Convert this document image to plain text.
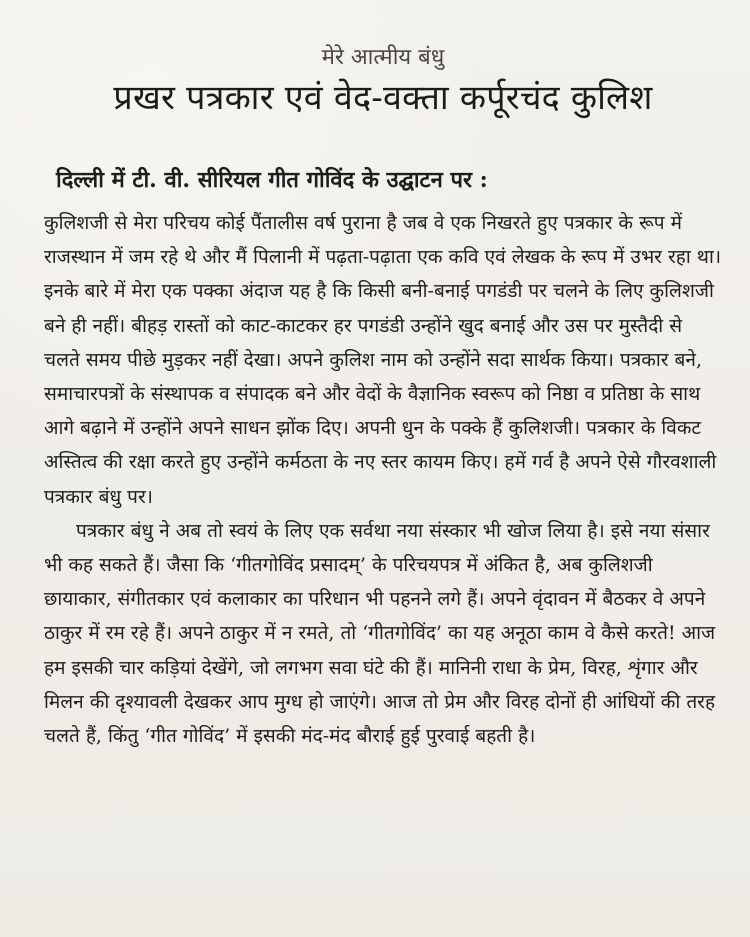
मेरे आत्मीय बंधु
प्रखर पत्रकार एवं वेद-वक्ता कर्पूरचंद कुलिश
दिल्ली में टी. वी. सीरियल गीत गोविंद के उद्घाटन पर :

कुलिशजी से मेरा परिचय कोई पैंतालीस वर्ष पुराना है जब वे एक निखरते हुए पत्रकार के रूप में राजस्थान में जम रहे थे और मैं पिलानी में पढ़ता-पढ़ाता एक कवि एवं लेखक के रूप में उभर रहा था। इनके बारे में मेरा एक पक्का अंदाज यह है कि किसी बनी-बनाई पगडंडी पर चलने के लिए कुलिशजी बने ही नहीं। बीहड़ रास्तों को काट-काटकर हर पगडंडी उन्होंने खुद बनाई और उस पर मुस्तैदी से चलते समय पीछे मुड़कर नहीं देखा। अपने कुलिश नाम को उन्होंने सदा सार्थक किया। पत्रकार बने, समाचारपत्रों के संस्थापक व संपादक बने और वेदों के वैज्ञानिक स्वरूप को निष्ठा व प्रतिष्ठा के साथ आगे बढ़ाने में उन्होंने अपने साधन झोंक दिए। अपनी धुन के पक्के हैं कुलिशजी। पत्रकार के विकट अस्तित्व की रक्षा करते हुए उन्होंने कर्मठता के नए स्तर कायम किए। हमें गर्व है अपने ऐसे गौरवशाली पत्रकार बंधु पर।

पत्रकार बंधु ने अब तो स्वयं के लिए एक सर्वथा नया संस्कार भी खोज लिया है। इसे नया संसार भी कह सकते हैं। जैसा कि ‘गीतगोविंद प्रसादम्’ के परिचयपत्र में अंकित है, अब कुलिशजी छायाकार, संगीतकार एवं कलाकार का परिधान भी पहनने लगे हैं। अपने वृंदावन में बैठकर वे अपने ठाकुर में रम रहे हैं। अपने ठाकुर में न रमते, तो ‘गीतगोविंद’ का यह अनूठा काम वे कैसे करते! आज हम इसकी चार कड़ियां देखेंगे, जो लगभग सवा घंटे की हैं। मानिनी राधा के प्रेम, विरह, शृंगार और मिलन की दृश्यावली देखकर आप मुग्ध हो जाएंगे। आज तो प्रेम और विरह दोनों ही आंधियों की तरह चलते हैं, किंतु ‘गीत गोविंद’ में इसकी मंद-मंद बौराई हुई पुरवाई बहती है।
